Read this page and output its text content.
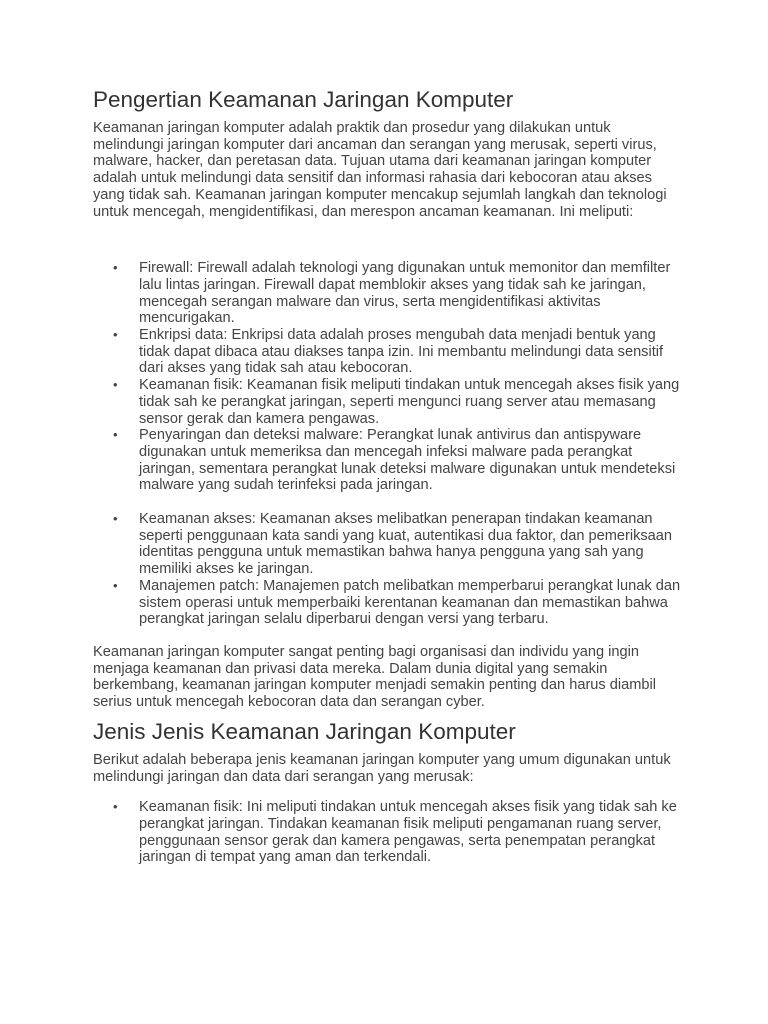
Pengertian Keamanan Jaringan Komputer

Keamanan jaringan komputer adalah praktik dan prosedur yang dilakukan untuk melindungi jaringan komputer dari ancaman dan serangan yang merusak, seperti virus, malware, hacker, dan peretasan data. Tujuan utama dari keamanan jaringan komputer adalah untuk melindungi data sensitif dan informasi rahasia dari kebocoran atau akses yang tidak sah. Keamanan jaringan komputer mencakup sejumlah langkah dan teknologi untuk mencegah, mengidentifikasi, dan merespon ancaman keamanan. Ini meliputi:

• Firewall: Firewall adalah teknologi yang digunakan untuk memonitor dan memfilter lalu lintas jaringan. Firewall dapat memblokir akses yang tidak sah ke jaringan, mencegah serangan malware dan virus, serta mengidentifikasi aktivitas mencurigakan.
• Enkripsi data: Enkripsi data adalah proses mengubah data menjadi bentuk yang tidak dapat dibaca atau diakses tanpa izin. Ini membantu melindungi data sensitif dari akses yang tidak sah atau kebocoran.
• Keamanan fisik: Keamanan fisik meliputi tindakan untuk mencegah akses fisik yang tidak sah ke perangkat jaringan, seperti mengunci ruang server atau memasang sensor gerak dan kamera pengawas.
• Penyaringan dan deteksi malware: Perangkat lunak antivirus dan antispyware digunakan untuk memeriksa dan mencegah infeksi malware pada perangkat jaringan, sementara perangkat lunak deteksi malware digunakan untuk mendeteksi malware yang sudah terinfeksi pada jaringan.
• Keamanan akses: Keamanan akses melibatkan penerapan tindakan keamanan seperti penggunaan kata sandi yang kuat, autentikasi dua faktor, dan pemeriksaan identitas pengguna untuk memastikan bahwa hanya pengguna yang sah yang memiliki akses ke jaringan.
• Manajemen patch: Manajemen patch melibatkan memperbarui perangkat lunak dan sistem operasi untuk memperbaiki kerentanan keamanan dan memastikan bahwa perangkat jaringan selalu diperbarui dengan versi yang terbaru.

Keamanan jaringan komputer sangat penting bagi organisasi dan individu yang ingin menjaga keamanan dan privasi data mereka. Dalam dunia digital yang semakin berkembang, keamanan jaringan komputer menjadi semakin penting dan harus diambil serius untuk mencegah kebocoran data dan serangan cyber.

Jenis Jenis Keamanan Jaringan Komputer

Berikut adalah beberapa jenis keamanan jaringan komputer yang umum digunakan untuk melindungi jaringan dan data dari serangan yang merusak:

• Keamanan fisik: Ini meliputi tindakan untuk mencegah akses fisik yang tidak sah ke perangkat jaringan. Tindakan keamanan fisik meliputi pengamanan ruang server, penggunaan sensor gerak dan kamera pengawas, serta penempatan perangkat jaringan di tempat yang aman dan terkendali.
